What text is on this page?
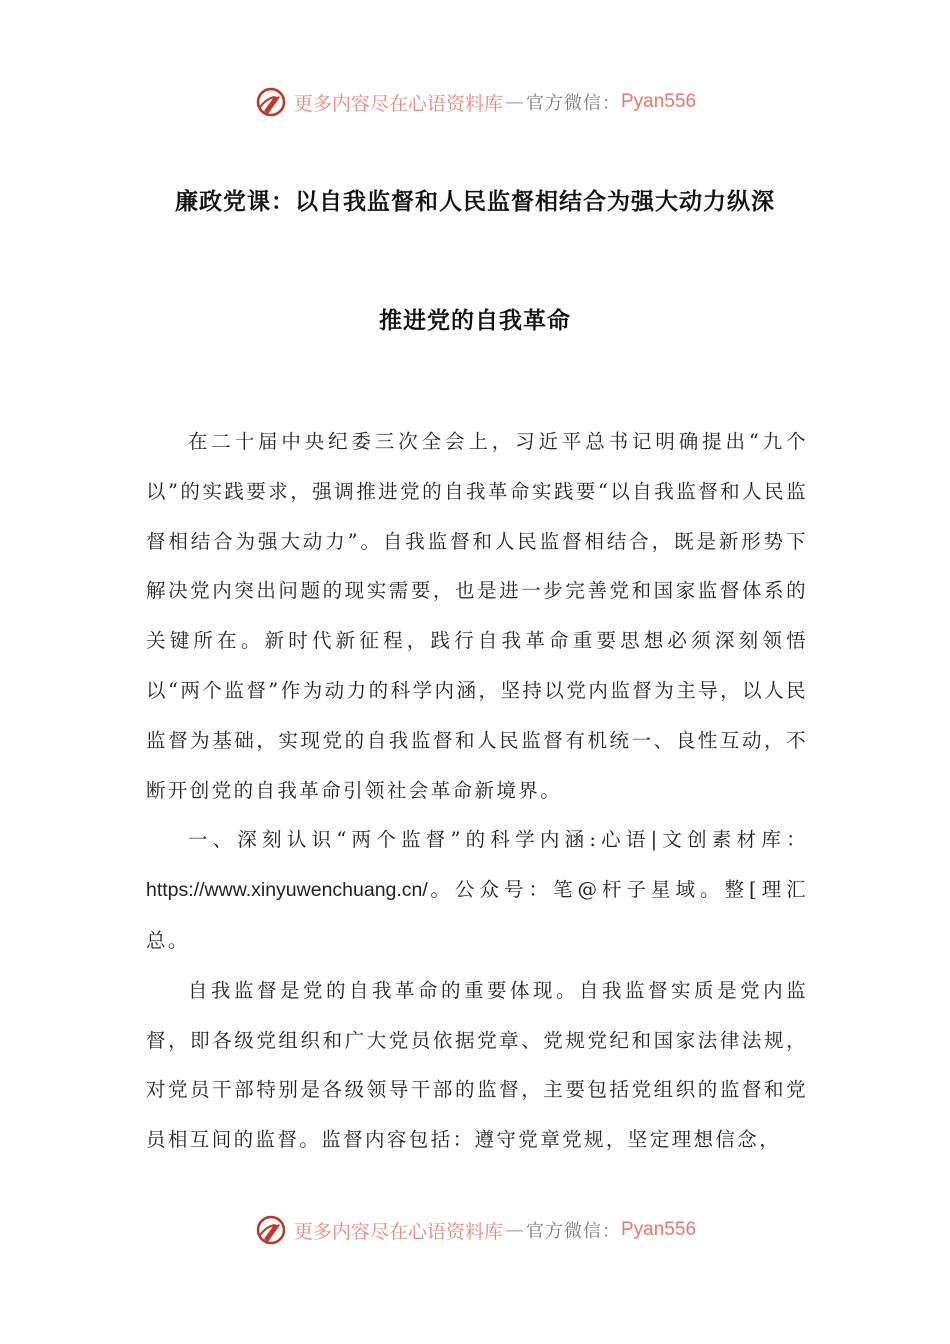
更多内容尽在心语资料库 — 官方微信： Pyan556
廉政党课：以自我监督和人民监督相结合为强大动力纵深
推进党的自我革命

在二十届中央纪委三次全会上，习近平总书记明确提出“九个以”的实践要求，强调推进党的自我革命实践要“以自我监督和人民监督相结合为强大动力”。自我监督和人民监督相结合，既是新形势下解决党内突出问题的现实需要，也是进一步完善党和国家监督体系的关键所在。新时代新征程，践行自我革命重要思想必须深刻领悟以“两个监督”作为动力的科学内涵，坚持以党内监督为主导，以人民监督为基础，实现党的自我监督和人民监督有机统一、良性互动，不断开创党的自我革命引领社会革命新境界。

一、深刻认识“两个监督”的科学内涵:心语|文创素材库：https://www.xinyuwenchuang.cn/。公众号：笔@杆子星域。整[理汇总。

自我监督是党的自我革命的重要体现。自我监督实质是党内监督，即各级党组织和广大党员依据党章、党规党纪和国家法律法规，对党员干部特别是各级领导干部的监督，主要包括党组织的监督和党员相互间的监督。监督内容包括：遵守党章党规，坚定理想信念，

更多内容尽在心语资料库 — 官方微信： Pyan556
